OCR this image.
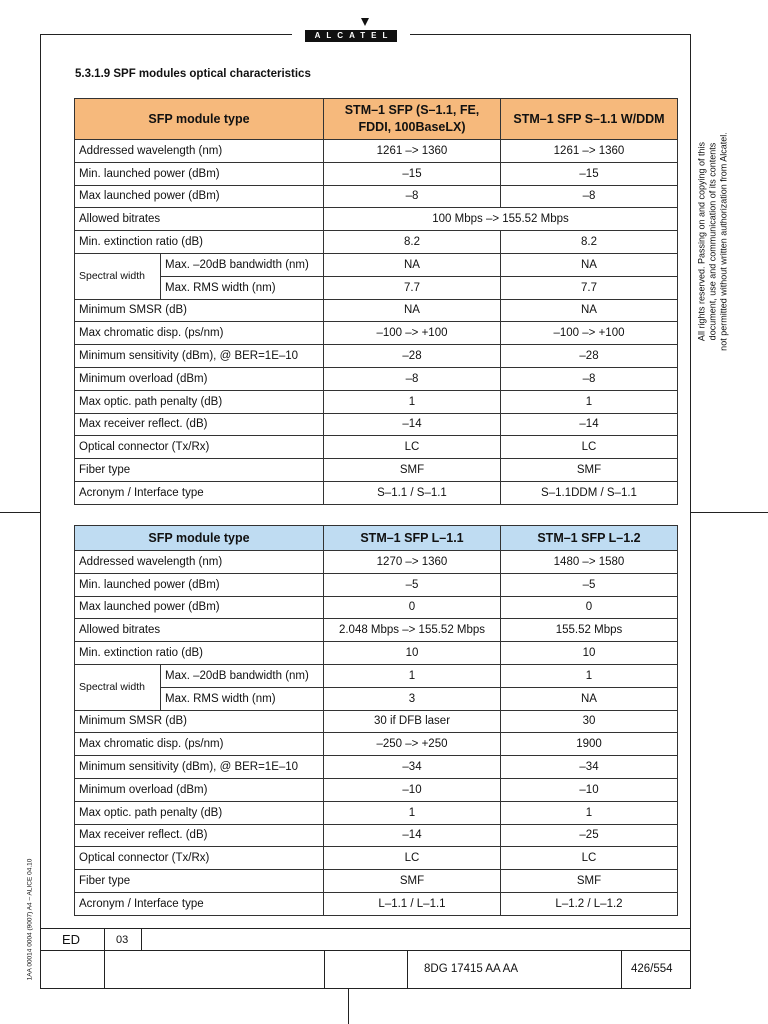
ALCATEL
5.3.1.9 SPF modules optical characteristics
SFP module type		STM–1 SFP (S–1.1, FE, FDDI, 100BaseLX)	STM–1 SFP S–1.1 W/DDM
Addressed wavelength (nm)		1261 –> 1360	1261 –> 1360
Min. launched power (dBm)		–15	–15
Max launched power (dBm)		–8	–8
Allowed bitrates		100 Mbps –> 155.52 Mbps	
Min. extinction ratio (dB)		8.2	8.2
Spectral width	Max. –20dB bandwidth (nm)	NA	NA
	Max. RMS width (nm)	7.7	7.7
Minimum SMSR (dB)		NA	NA
Max chromatic disp. (ps/nm)		–100 –> +100	–100 –> +100
Minimum sensitivity (dBm), @ BER=1E–10		–28	–28
Minimum overload (dBm)		–8	–8
Max optic. path penalty (dB)		1	1
Max receiver reflect. (dB)		–14	–14
Optical connector (Tx/Rx)		LC	LC
Fiber type		SMF	SMF
Acronym / Interface type		S–1.1 / S–1.1	S–1.1DDM / S–1.1
SFP module type		STM–1 SFP L–1.1	STM–1 SFP L–1.2
Addressed wavelength (nm)		1270 –> 1360	1480 –> 1580
Min. launched power (dBm)		–5	–5
Max launched power (dBm)		0	0
Allowed bitrates		2.048 Mbps –> 155.52 Mbps	155.52 Mbps
Min. extinction ratio (dB)		10	10
Spectral width	Max. –20dB bandwidth (nm)	1	1
	Max. RMS width (nm)	3	NA
Minimum SMSR (dB)		30 if DFB laser	30
Max chromatic disp. (ps/nm)		–250 –> +250	1900
Minimum sensitivity (dBm), @ BER=1E–10		–34	–34
Minimum overload (dBm)		–10	–10
Max optic. path penalty (dB)		1	1
Max receiver reflect. (dB)		–14	–25
Optical connector (Tx/Rx)		LC	LC
Fiber type		SMF	SMF
Acronym / Interface type		L–1.1 / L–1.1	L–1.2 / L–1.2
All rights reserved. Passing on and copying of this document, use and communication of its contents not permitted without written authorization from Alcatel.
1AA 00014 0004 (9007) A4 – ALICE 04.10 ED	03
8DG 17415 AA AA	426/554
